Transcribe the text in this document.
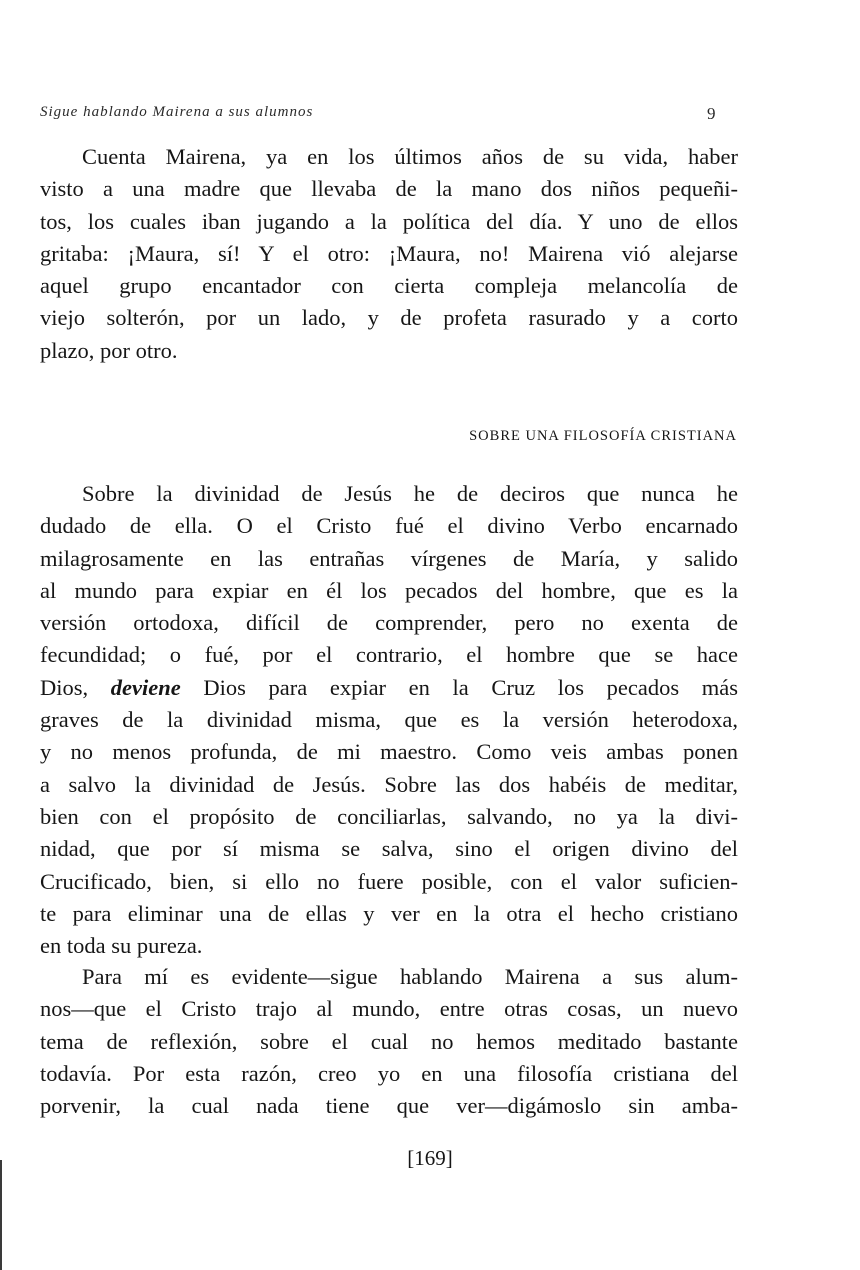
Sigue hablando Mairena a sus alumnos	9

Cuenta Mairena, ya en los últimos años de su vida, haber
visto a una madre que llevaba de la mano dos niños pequeñi-
tos, los cuales iban jugando a la política del día. Y uno de ellos
gritaba: ¡Maura, sí! Y el otro: ¡Maura, no! Mairena vió alejarse
aquel grupo encantador con cierta compleja melancolía de
viejo solterón, por un lado, y de profeta rasurado y a corto
plazo, por otro.

SOBRE UNA FILOSOFÍA CRISTIANA

Sobre la divinidad de Jesús he de deciros que nunca he
dudado de ella. O el Cristo fué el divino Verbo encarnado
milagrosamente en las entrañas vírgenes de María, y salido
al mundo para expiar en él los pecados del hombre, que es la
versión ortodoxa, difícil de comprender, pero no exenta de
fecundidad; o fué, por el contrario, el hombre que se hace
Dios, deviene Dios para expiar en la Cruz los pecados más
graves de la divinidad misma, que es la versión heterodoxa,
y no menos profunda, de mi maestro. Como veis ambas ponen
a salvo la divinidad de Jesús. Sobre las dos habéis de meditar,
bien con el propósito de conciliarlas, salvando, no ya la divi-
nidad, que por sí misma se salva, sino el origen divino del
Crucificado, bien, si ello no fuere posible, con el valor suficien-
te para eliminar una de ellas y ver en la otra el hecho cristiano
en toda su pureza.

Para mí es evidente—sigue hablando Mairena a sus alum-
nos—que el Cristo trajo al mundo, entre otras cosas, un nuevo
tema de reflexión, sobre el cual no hemos meditado bastante
todavía. Por esta razón, creo yo en una filosofía cristiana del
porvenir, la cual nada tiene que ver—digámoslo sin amba-

[169]
